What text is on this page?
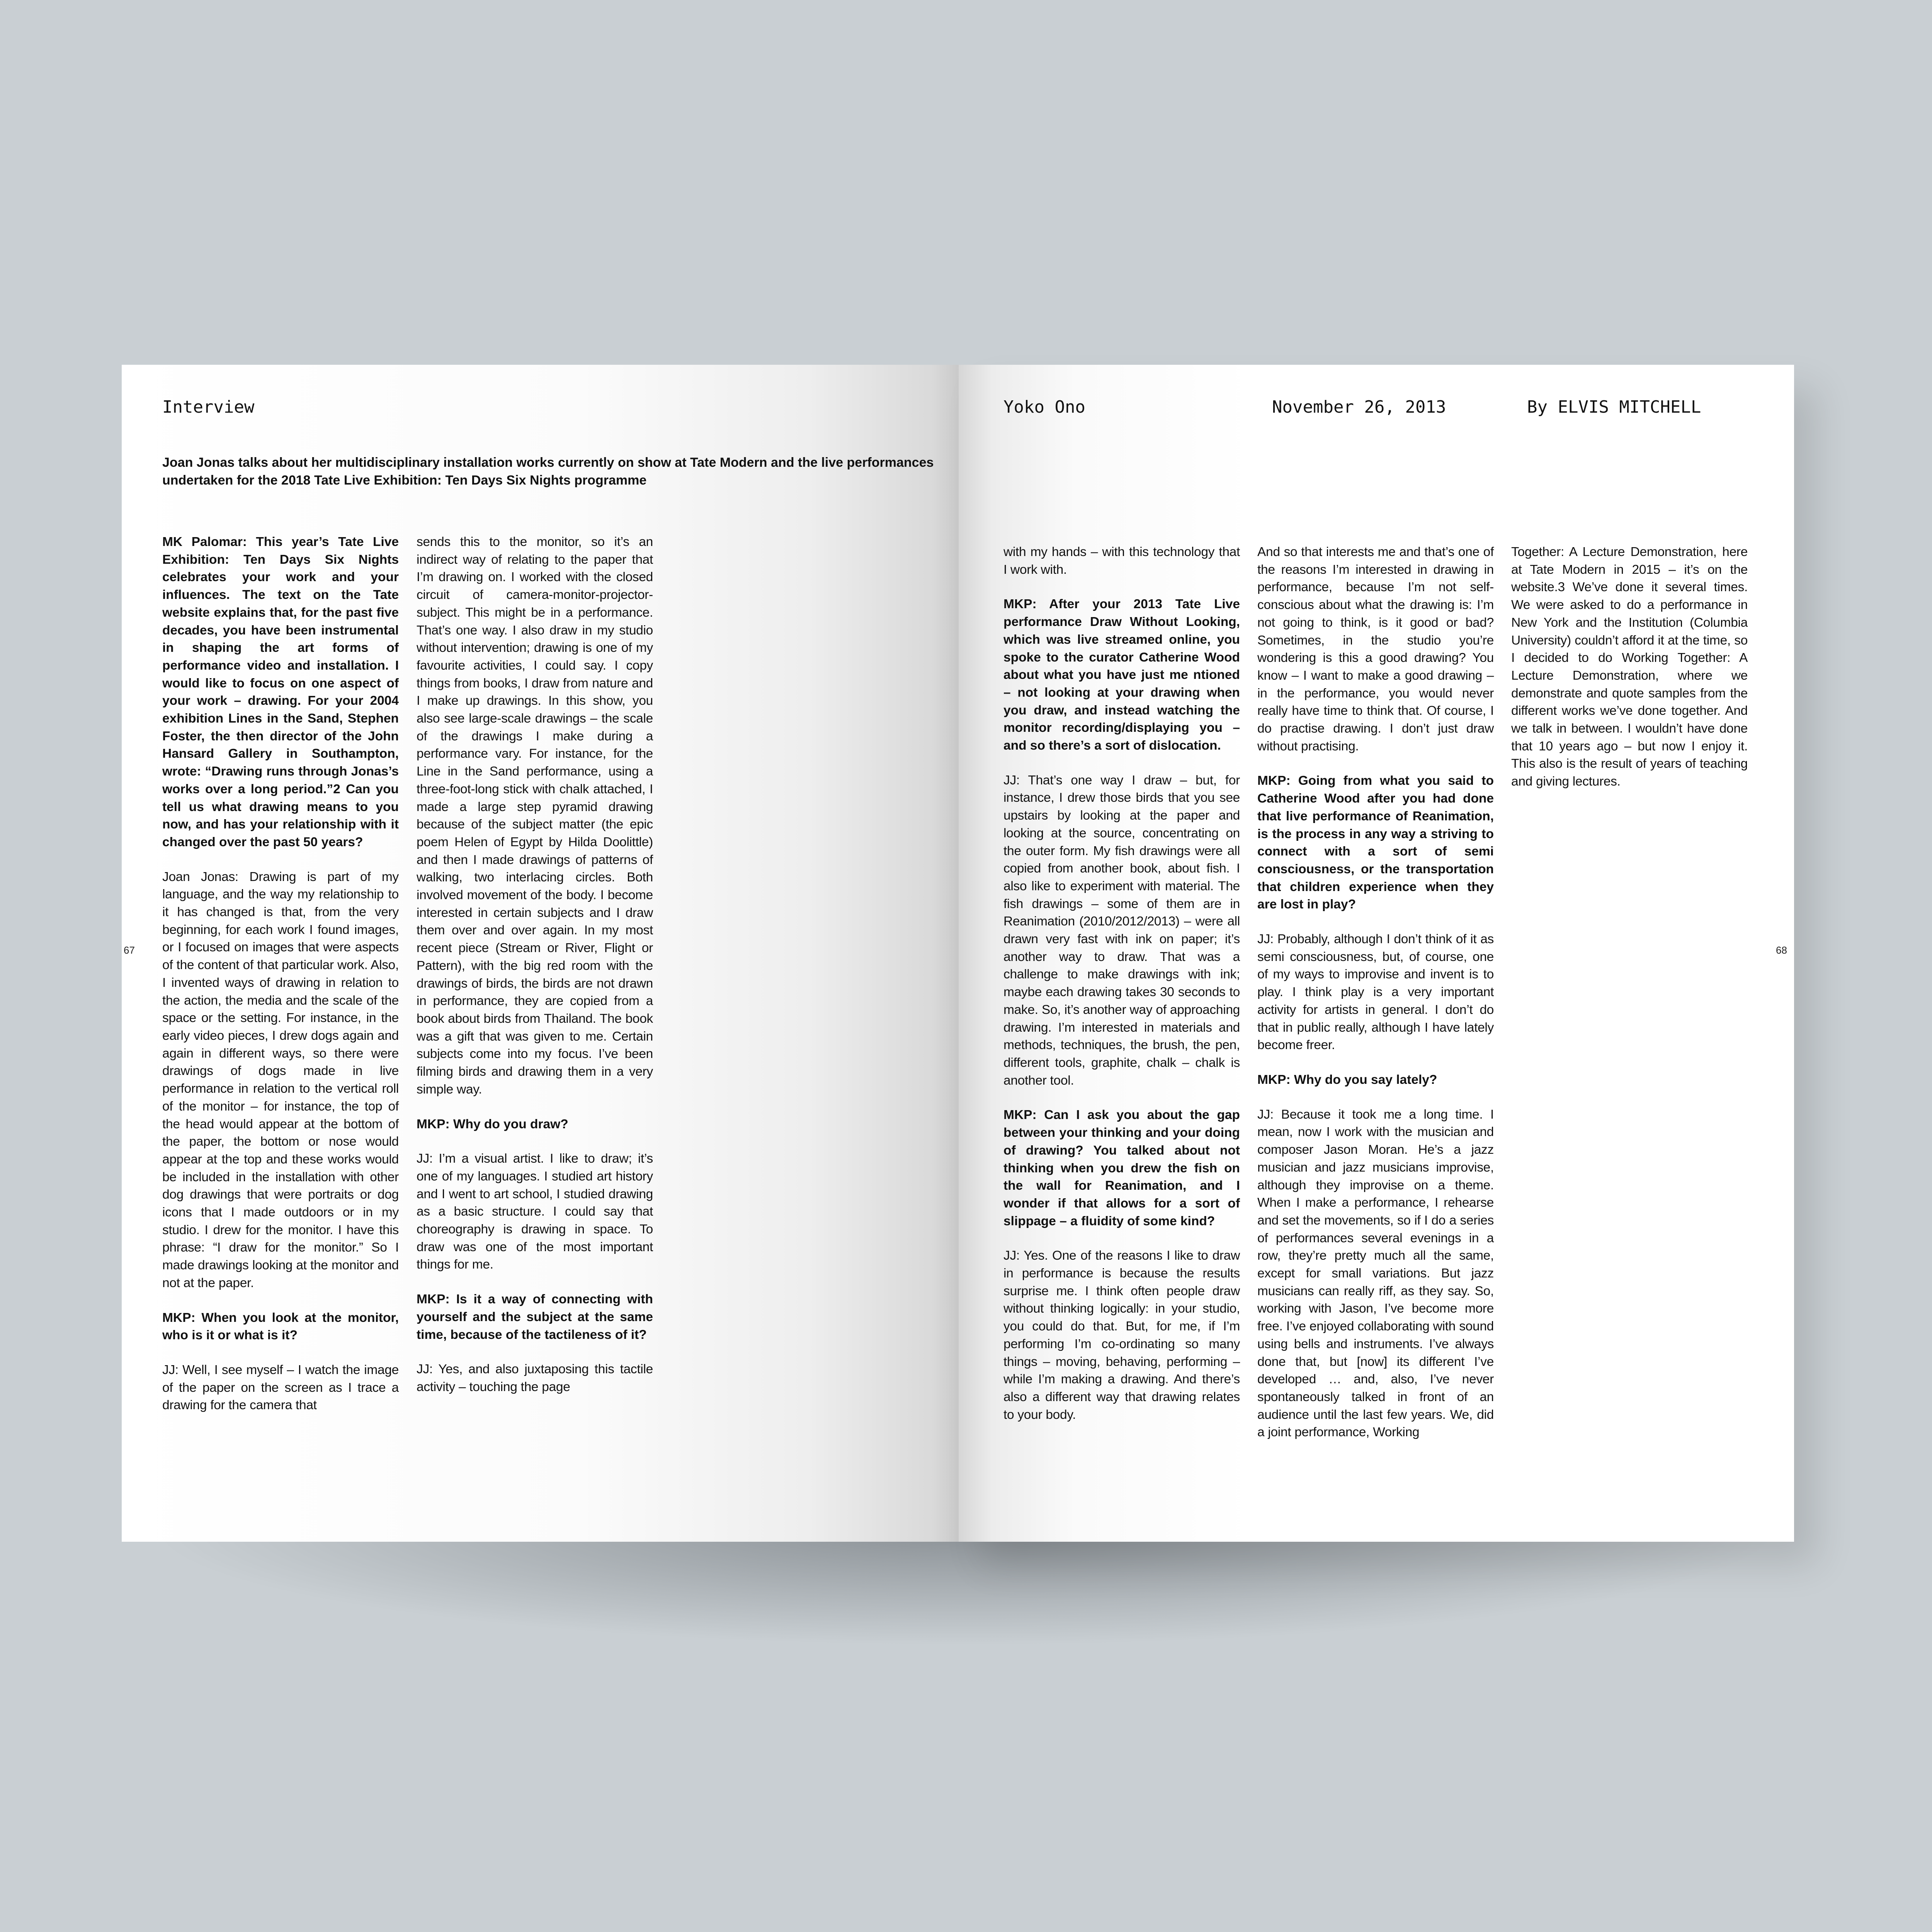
Interview
Joan Jonas talks about her multidisciplinary installation works currently on show at Tate Modern and the live performances undertaken for the 2018 Tate Live Exhibition: Ten Days Six Nights programme
67

MK Palomar: This year’s Tate Live Exhibition: Ten Days Six Nights celebrates your work and your influences. The text on the Tate website explains that, for the past five decades, you have been instrumental in shaping the art forms of performance video and installation. I would like to focus on one aspect of your work – drawing. For your 2004 exhibition Lines in the Sand, Stephen Foster, the then director of the John Hansard Gallery in Southampton, wrote: “Drawing runs through Jonas’s works over a long period.”2 Can you tell us what drawing means to you now, and has your relationship with it changed over the past 50 years?

Joan Jonas: Drawing is part of my language, and the way my relationship to it has changed is that, from the very beginning, for each work I found images, or I focused on images that were aspects of the content of that particular work. Also, I invented ways of drawing in relation to the action, the media and the scale of the space or the setting. For instance, in the early video pieces, I drew dogs again and again in different ways, so there were drawings of dogs made in live performance in relation to the vertical roll of the monitor – for instance, the top of the head would appear at the bottom of the paper, the bottom or nose would appear at the top and these works would be included in the installation with other dog drawings that were portraits or dog icons that I made outdoors or in my studio. I drew for the monitor. I have this phrase: “I draw for the monitor.” So I made drawings looking at the monitor and not at the paper.

MKP: When you look at the monitor, who is it or what is it?

JJ: Well, I see myself – I watch the image of the paper on the screen as I trace a drawing for the camera that

sends this to the monitor, so it’s an indirect way of relating to the paper that I’m drawing on. I worked with the closed circuit of camera-monitor-projector-subject. This might be in a performance. That’s one way. I also draw in my studio without intervention; drawing is one of my favourite activities, I could say. I copy things from books, I draw from nature and I make up drawings. In this show, you also see large-scale drawings – the scale of the drawings I make during a performance vary. For instance, for the Line in the Sand performance, using a three-foot-long stick with chalk attached, I made a large step pyramid drawing because of the subject matter (the epic poem Helen of Egypt by Hilda Doolittle) and then I made drawings of patterns of walking, two interlacing circles. Both involved movement of the body. I become interested in certain subjects and I draw them over and over again. In my most recent piece (Stream or River, Flight or Pattern), with the big red room with the drawings of birds, the birds are not drawn in performance, they are copied from a book about birds from Thailand. The book was a gift that was given to me. Certain subjects come into my focus. I’ve been filming birds and drawing them in a very simple way.

MKP: Why do you draw?

JJ: I’m a visual artist. I like to draw; it’s one of my languages. I studied art history and I went to art school, I studied drawing as a basic structure. I could say that choreography is drawing in space. To draw was one of the most important things for me.

MKP: Is it a way of connecting with yourself and the subject at the same time, because of the tactileness of it?

JJ: Yes, and also juxtaposing this tactile activity – touching the page

Yoko Ono	November 26, 2013	By ELVIS MITCHELL
68

with my hands – with this technology that I work with.

MKP: After your 2013 Tate Live performance Draw Without Looking, which was live streamed online, you spoke to the curator Catherine Wood about what you have just me ntioned – not looking at your drawing when you draw, and instead watching the monitor recording/displaying you – and so there’s a sort of dislocation.

JJ: That’s one way I draw – but, for instance, I drew those birds that you see upstairs by looking at the paper and looking at the source, concentrating on the outer form. My fish drawings were all copied from another book, about fish. I also like to experiment with material. The fish drawings – some of them are in Reanimation (2010/2012/2013) – were all drawn very fast with ink on paper; it’s another way to draw. That was a challenge to make drawings with ink; maybe each drawing takes 30 seconds to make. So, it’s another way of approaching drawing. I’m interested in materials and methods, techniques, the brush, the pen, different tools, graphite, chalk – chalk is another tool.

MKP: Can I ask you about the gap between your thinking and your doing of drawing? You talked about not thinking when you drew the fish on the wall for Reanimation, and I wonder if that allows for a sort of slippage – a fluidity of some kind?

JJ: Yes. One of the reasons I like to draw in performance is because the results surprise me. I think often people draw without thinking logically: in your studio, you could do that. But, for me, if I’m performing I’m co-ordinating so many things – moving, behaving, performing – while I’m making a drawing. And there’s also a different way that drawing relates to your body.

And so that interests me and that’s one of the reasons I’m interested in drawing in performance, because I’m not self-conscious about what the drawing is: I’m not going to think, is it good or bad? Sometimes, in the studio you’re wondering is this a good drawing? You know – I want to make a good drawing – in the performance, you would never really have time to think that. Of course, I do practise drawing. I don’t just draw without practising.

MKP: Going from what you said to Catherine Wood after you had done that live performance of Reanimation, is the process in any way a striving to connect with a sort of semi consciousness, or the transportation that children experience when they are lost in play?

JJ: Probably, although I don’t think of it as semi consciousness, but, of course, one of my ways to improvise and invent is to play. I think play is a very important activity for artists in general. I don’t do that in public really, although I have lately become freer.

MKP: Why do you say lately?

JJ: Because it took me a long time. I mean, now I work with the musician and composer Jason Moran. He’s a jazz musician and jazz musicians improvise, although they improvise on a theme. When I make a performance, I rehearse and set the movements, so if I do a series of performances several evenings in a row, they’re pretty much all the same, except for small variations. But jazz musicians can really riff, as they say. So, working with Jason, I’ve become more free. I’ve enjoyed collaborating with sound using bells and instruments. I’ve always done that, but [now] its different I’ve developed … and, also, I’ve never spontaneously talked in front of an audience until the last few years. We, did a joint performance, Working

Together: A Lecture Demonstration, here at Tate Modern in 2015 – it’s on the website.3 We’ve done it several times. We were asked to do a performance in New York and the Institution (Columbia University) couldn’t afford it at the time, so I decided to do Working Together: A Lecture Demonstration, where we demonstrate and quote samples from the different works we’ve done together. And we talk in between. I wouldn’t have done that 10 years ago – but now I enjoy it. This also is the result of years of teaching and giving lectures.
